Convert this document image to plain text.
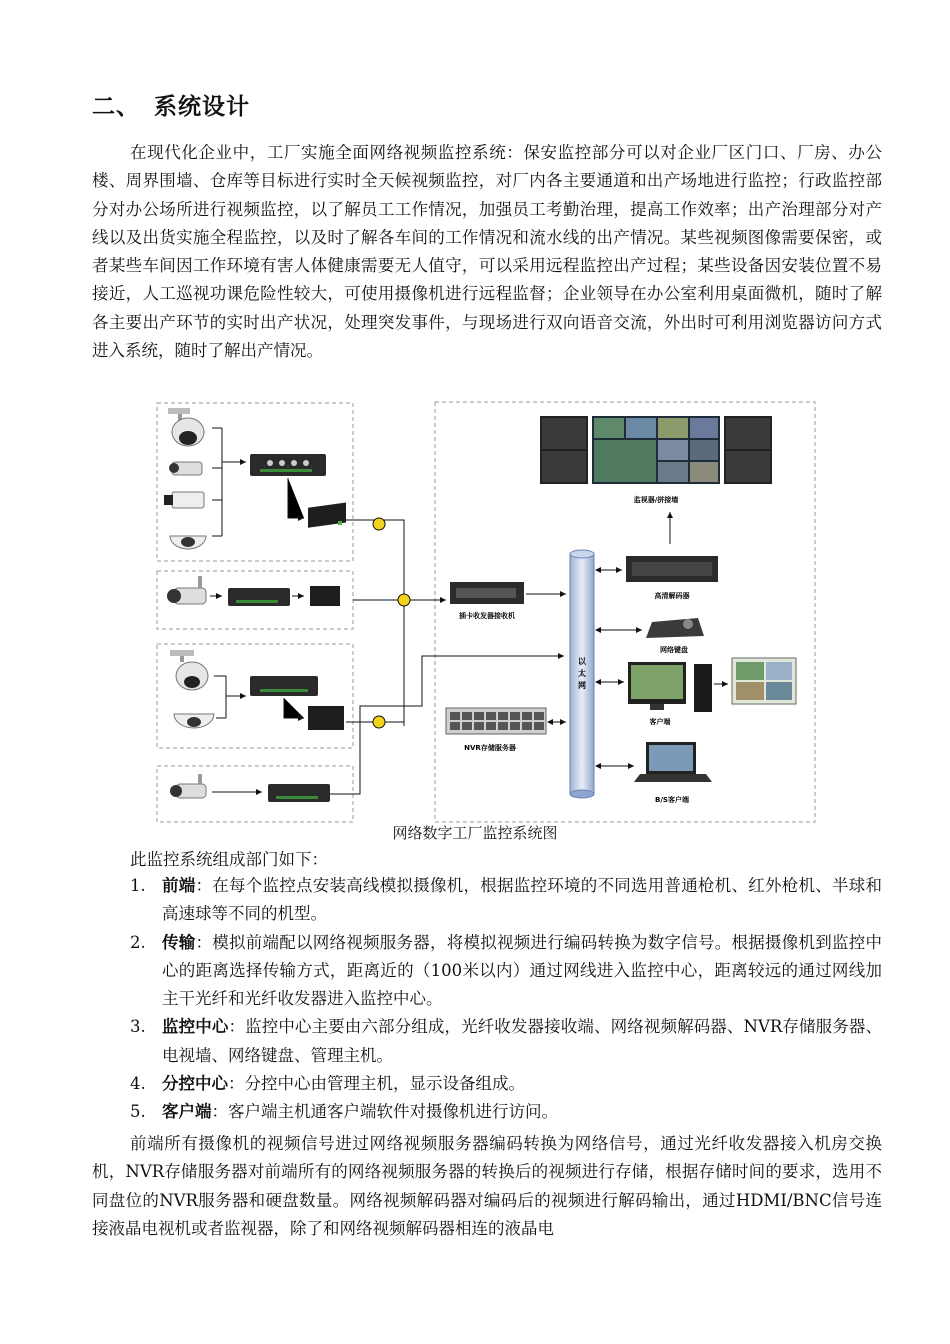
二、 系统设计

在现代化企业中，工厂实施全面网络视频监控系统：保安监控部分可以对企业厂区门口、厂房、办公楼、周界围墙、仓库等目标进行实时全天候视频监控，对厂内各主要通道和出产场地进行监控；行政监控部分对办公场所进行视频监控，以了解员工工作情况，加强员工考勤治理，提高工作效率；出产治理部分对产线以及出货实施全程监控，以及时了解各车间的工作情况和流水线的出产情况。某些视频图像需要保密，或者某些车间因工作环境有害人体健康需要无人值守，可以采用远程监控出产过程；某些设备因安装位置不易接近，人工巡视功课危险性较大，可使用摄像机进行远程监督；企业领导在办公室利用桌面微机，随时了解各主要出产环节的实时出产状况，处理突发事件，与现场进行双向语音交流，外出时可利用浏览器访问方式进入系统，随时了解出产情况。

插卡收发器接收机
以
太
网
监视器/拼接墙
高清解码器
网络键盘
客户端
NVR存储服务器
B/S客户端
网络数字工厂监控系统图

此监控系统组成部门如下：

1. 前端：在每个监控点安装高线模拟摄像机，根据监控环境的不同选用普通枪机、红外枪机、半球和高速球等不同的机型。
2. 传输：模拟前端配以网络视频服务器，将模拟视频进行编码转换为数字信号。根据摄像机到监控中心的距离选择传输方式，距离近的（100米以内）通过网线进入监控中心，距离较远的通过网线加主干光纤和光纤收发器进入监控中心。
3. 监控中心：监控中心主要由六部分组成，光纤收发器接收端、网络视频解码器、NVR存储服务器、电视墙、网络键盘、管理主机。
4. 分控中心：分控中心由管理主机，显示设备组成。
5. 客户端：客户端主机通客户端软件对摄像机进行访问。

前端所有摄像机的视频信号进过网络视频服务器编码转换为网络信号，通过光纤收发器接入机房交换机，NVR存储服务器对前端所有的网络视频服务器的转换后的视频进行存储，根据存储时间的要求，选用不同盘位的NVR服务器和硬盘数量。网络视频解码器对编码后的视频进行解码输出，通过HDMI/BNC信号连接液晶电视机或者监视器，除了和网络视频解码器相连的液晶电
